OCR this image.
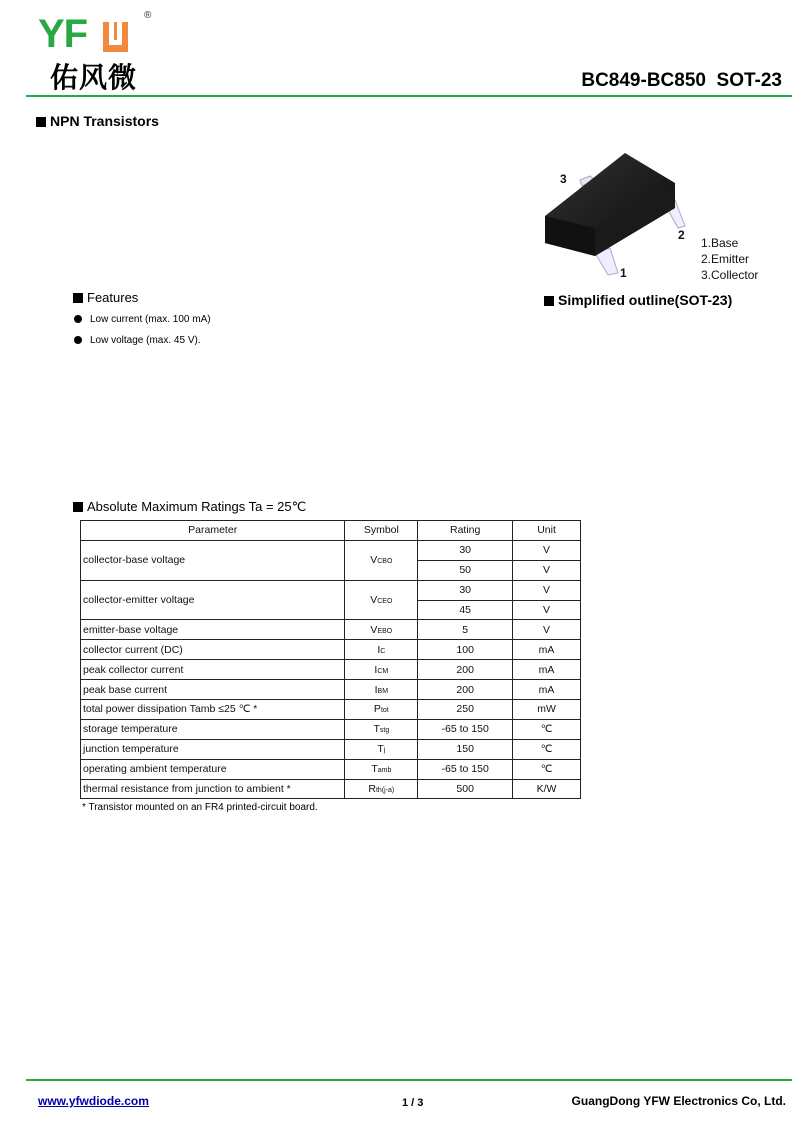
YF	®
佑风微	BC849-BC850  SOT-23
NPN Transistors
3
2
1
1.Base
2.Emitter
3.Collector
Simplified outline(SOT-23)
Features
Low current (max. 100 mA)
Low voltage (max. 45 V).
Absolute Maximum Ratings Ta = 25℃
Parameter	Symbol	Rating	Unit
collector-base voltage	VCBO	30	V
		50	V
collector-emitter voltage	VCEO	30	V
		45	V
emitter-base voltage	VEBO	5	V
collector current (DC)	IC	100	mA
peak collector current	ICM	200	mA
peak base current	IBM	200	mA
total power dissipation Tamb ≤25 ℃ *	Ptot	250	mW
storage temperature	Tstg	-65 to 150	℃
junction temperature	Tj	150	℃
operating ambient temperature	Tamb	-65 to 150	℃
thermal resistance from junction to ambient *	Rth(j-a)	500	K/W
* Transistor mounted on an FR4 printed-circuit board.
www.yfwdiode.com	1 / 3	GuangDong YFW Electronics Co, Ltd.
